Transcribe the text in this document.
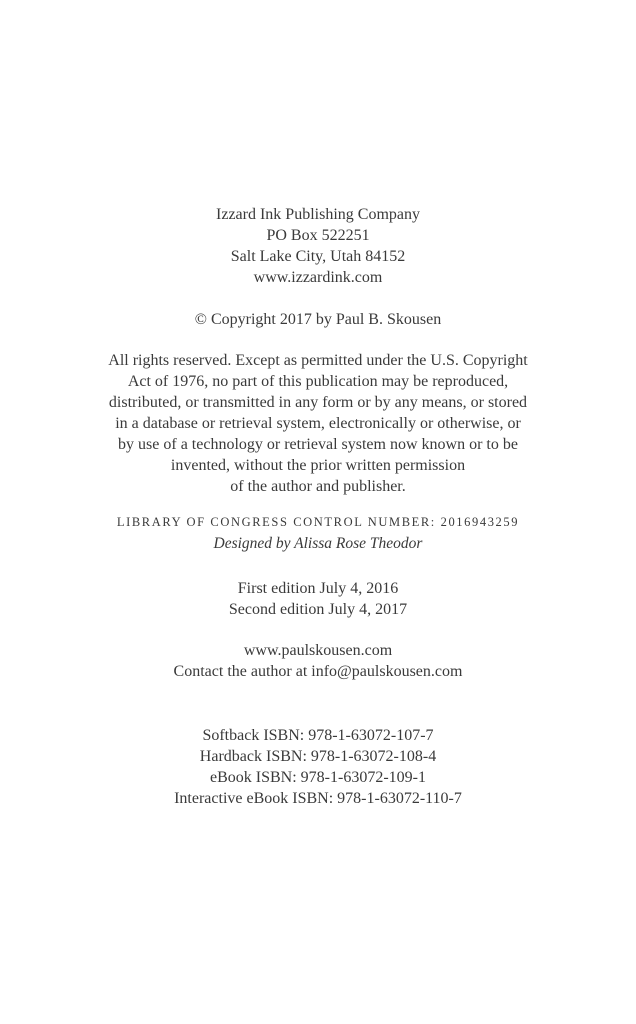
Izzard Ink Publishing Company
PO Box 522251
Salt Lake City, Utah 84152
www.izzardink.com
© Copyright 2017 by Paul B. Skousen
All rights reserved. Except as permitted under the U.S. Copyright
Act of 1976, no part of this publication may be reproduced,
distributed, or transmitted in any form or by any means, or stored
in a database or retrieval system, electronically or otherwise, or
by use of a technology or retrieval system now known or to be
invented, without the prior written permission
of the author and publisher.
LIBRARY OF CONGRESS CONTROL NUMBER: 2016943259
Designed by Alissa Rose Theodor
First edition July 4, 2016
Second edition July 4, 2017
www.paulskousen.com
Contact the author at info@paulskousen.com
Softback ISBN: 978-1-63072-107-7
Hardback ISBN: 978-1-63072-108-4
eBook ISBN: 978-1-63072-109-1
Interactive eBook ISBN: 978-1-63072-110-7
